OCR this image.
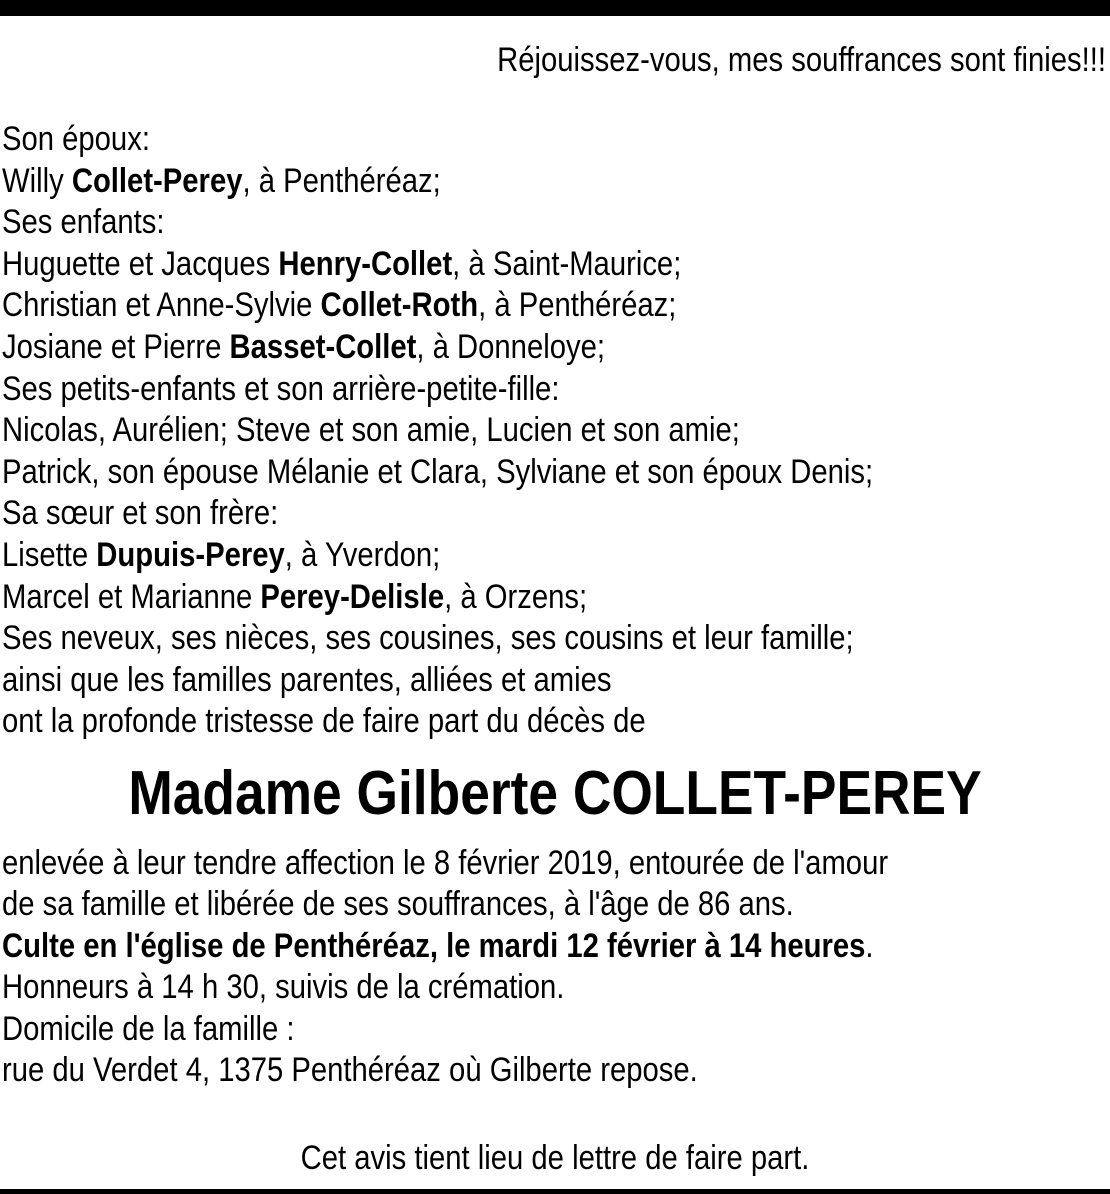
Réjouissez-vous, mes souffrances sont finies!!!
Son époux:
Willy Collet-Perey, à Penthéréaz;
Ses enfants:
Huguette et Jacques Henry-Collet, à Saint-Maurice;
Christian et Anne-Sylvie Collet-Roth, à Penthéréaz;
Josiane et Pierre Basset-Collet, à Donneloye;
Ses petits-enfants et son arrière-petite-fille:
Nicolas, Aurélien; Steve et son amie, Lucien et son amie;
Patrick, son épouse Mélanie et Clara, Sylviane et son époux Denis;
Sa sœur et son frère:
Lisette Dupuis-Perey, à Yverdon;
Marcel et Marianne Perey-Delisle, à Orzens;
Ses neveux, ses nièces, ses cousines, ses cousins et leur famille;
ainsi que les familles parentes, alliées et amies
ont la profonde tristesse de faire part du décès de
Madame Gilberte COLLET-PEREY
enlevée à leur tendre affection le 8 février 2019, entourée de l'amour
de sa famille et libérée de ses souffrances, à l'âge de 86 ans.
Culte en l'église de Penthéréaz, le mardi 12 février à 14 heures.
Honneurs à 14 h 30, suivis de la crémation.
Domicile de la famille :
rue du Verdet 4, 1375 Penthéréaz où Gilberte repose.
Cet avis tient lieu de lettre de faire part.
